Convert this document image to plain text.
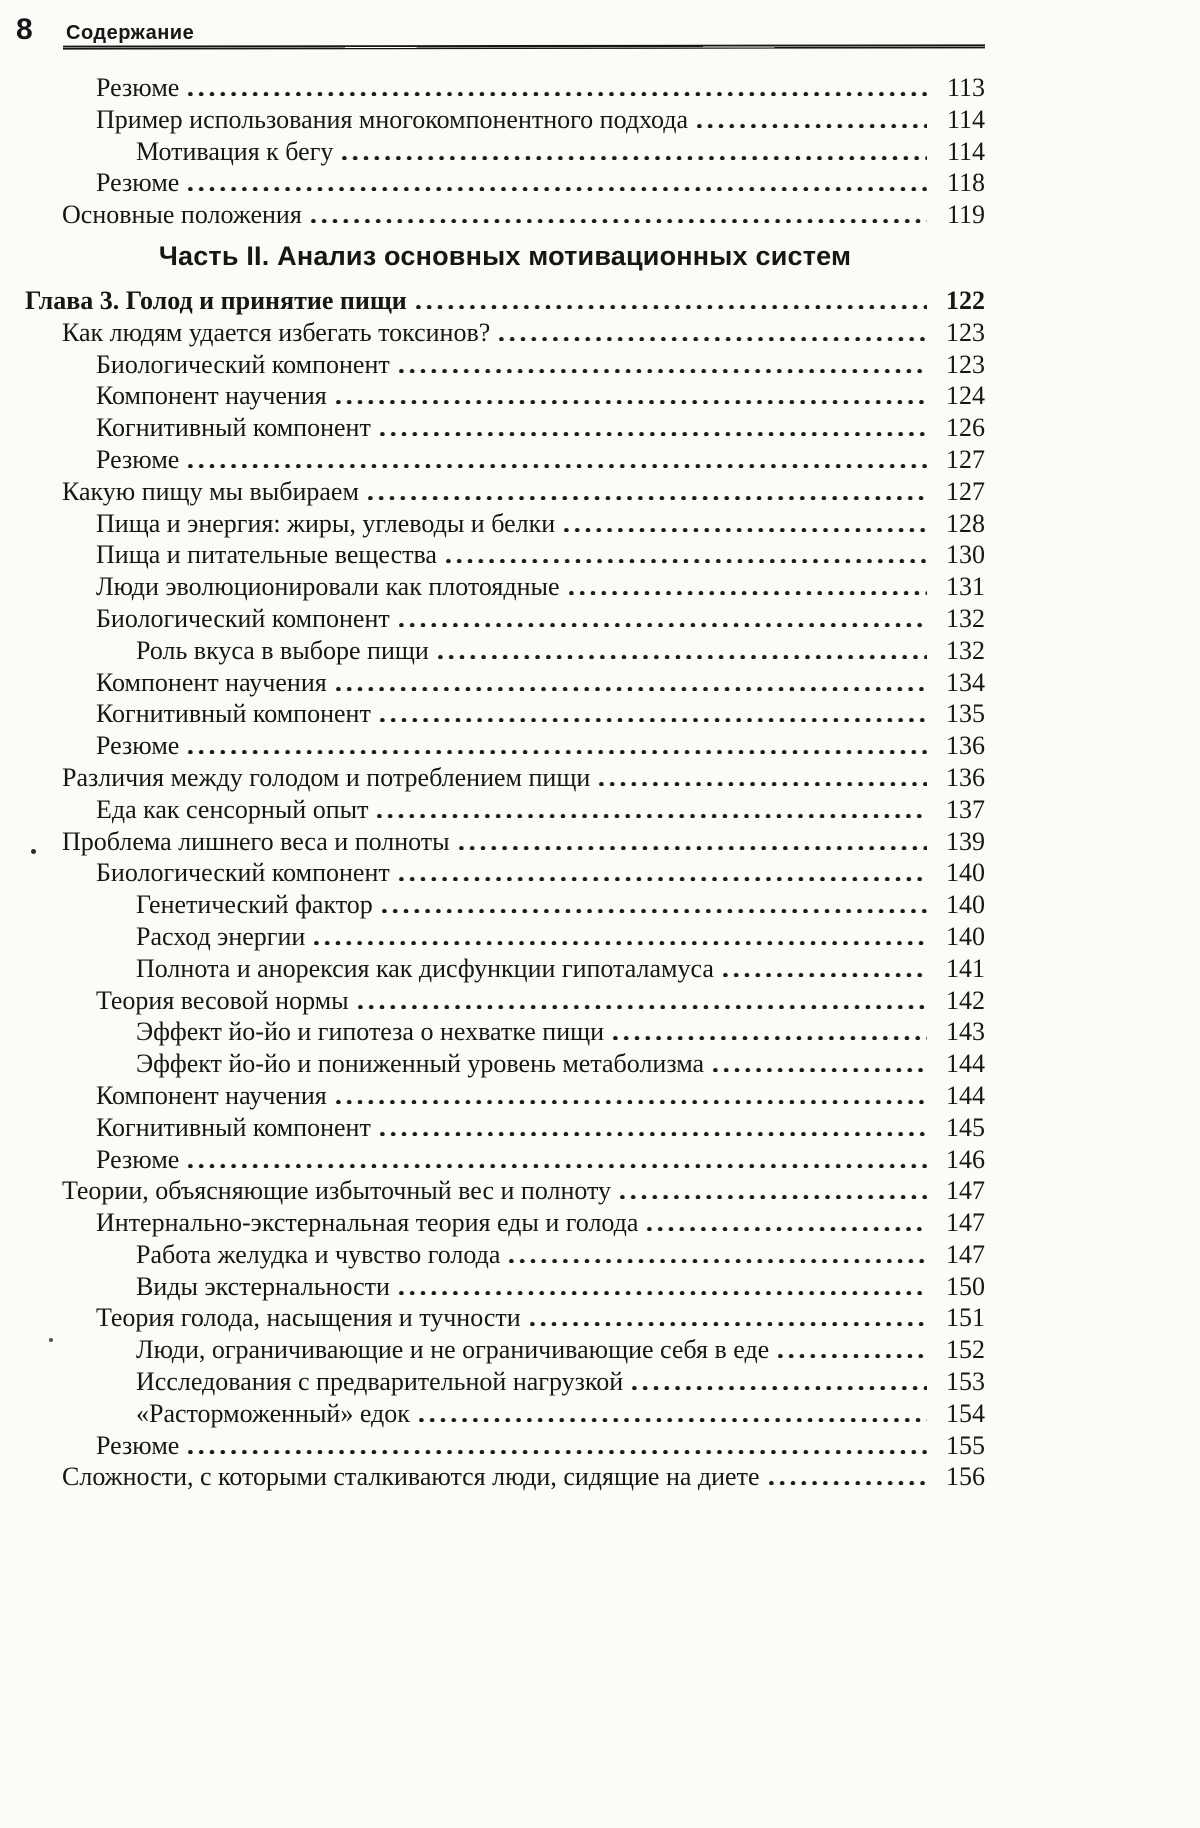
8 Содержание
Резюме	113
Пример использования многокомпонентного подхода	114
Мотивация к бегу	114
Резюме	118
Основные положения	119
Часть II. Анализ основных мотивационных систем
Глава 3. Голод и принятие пищи	122
Как людям удается избегать токсинов?	123
Биологический компонент	123
Компонент научения	124
Когнитивный компонент	126
Резюме	127
Какую пищу мы выбираем	127
Пища и энергия: жиры, углеводы и белки	128
Пища и питательные вещества	130
Люди эволюционировали как плотоядные	131
Биологический компонент	132
Роль вкуса в выборе пищи	132
Компонент научения	134
Когнитивный компонент	135
Резюме	136
Различия между голодом и потреблением пищи	136
Еда как сенсорный опыт	137
Проблема лишнего веса и полноты	139
Биологический компонент	140
Генетический фактор	140
Расход энергии	140
Полнота и анорексия как дисфункции гипоталамуса	141
Теория весовой нормы	142
Эффект йо-йо и гипотеза о нехватке пищи	143
Эффект йо-йо и пониженный уровень метаболизма	144
Компонент научения	144
Когнитивный компонент	145
Резюме	146
Теории, объясняющие избыточный вес и полноту	147
Интернально-экстернальная теория еды и голода	147
Работа желудка и чувство голода	147
Виды экстернальности	150
Теория голода, насыщения и тучности	151
Люди, ограничивающие и не ограничивающие себя в еде	152
Исследования с предварительной нагрузкой	153
«Расторможенный» едок	154
Резюме	155
Сложности, с которыми сталкиваются люди, сидящие на диете	156
